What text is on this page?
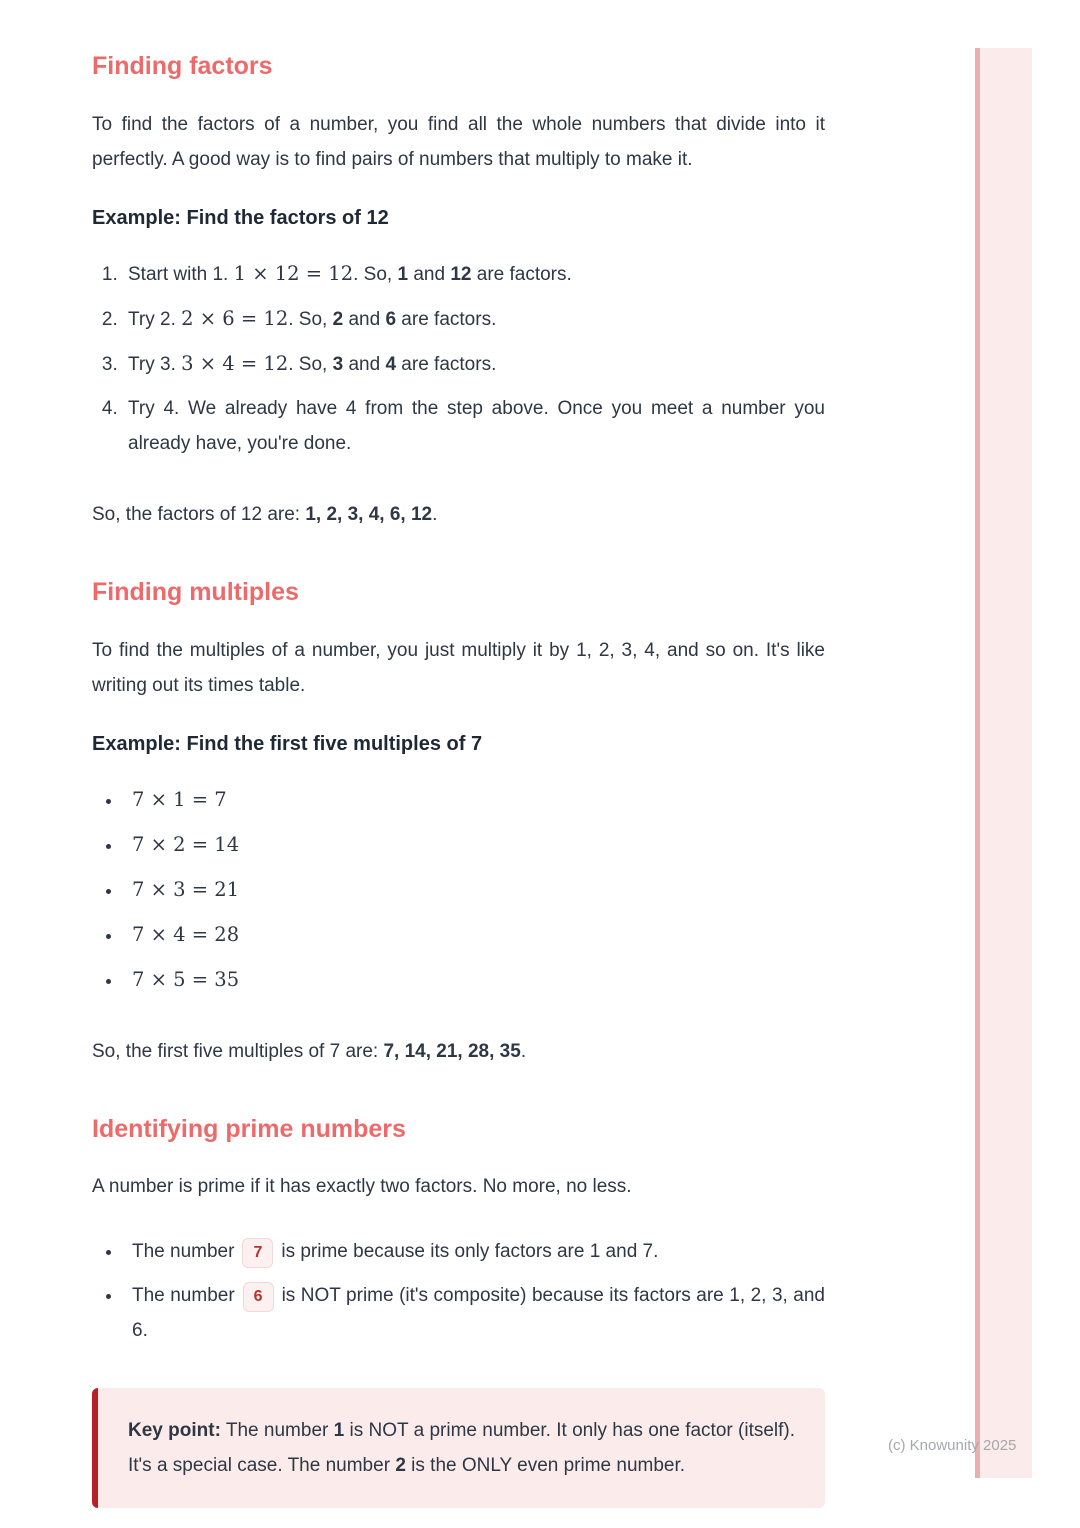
Finding factors

To find the factors of a number, you find all the whole numbers that divide into it perfectly. A good way is to find pairs of numbers that multiply to make it.

Example: Find the factors of 12
1. Start with 1. 1 × 12 = 12. So, 1 and 12 are factors.
2. Try 2. 2 × 6 = 12. So, 2 and 6 are factors.
3. Try 3. 3 × 4 = 12. So, 3 and 4 are factors.
4. Try 4. We already have 4 from the step above. Once you meet a number you already have, you're done.

So, the factors of 12 are: 1, 2, 3, 4, 6, 12.

Finding multiples

To find the multiples of a number, you just multiply it by 1, 2, 3, 4, and so on. It's like writing out its times table.

Example: Find the first five multiples of 7
• 7 × 1 = 7
• 7 × 2 = 14
• 7 × 3 = 21
• 7 × 4 = 28
• 7 × 5 = 35

So, the first five multiples of 7 are: 7, 14, 21, 28, 35.

Identifying prime numbers

A number is prime if it has exactly two factors. No more, no less.

• The number 7 is prime because its only factors are 1 and 7.
• The number 6 is NOT prime (it's composite) because its factors are 1, 2, 3, and 6.

Key point: The number 1 is NOT a prime number. It only has one factor (itself). It's a special case. The number 2 is the ONLY even prime number.

(c) Knowunity 2025
